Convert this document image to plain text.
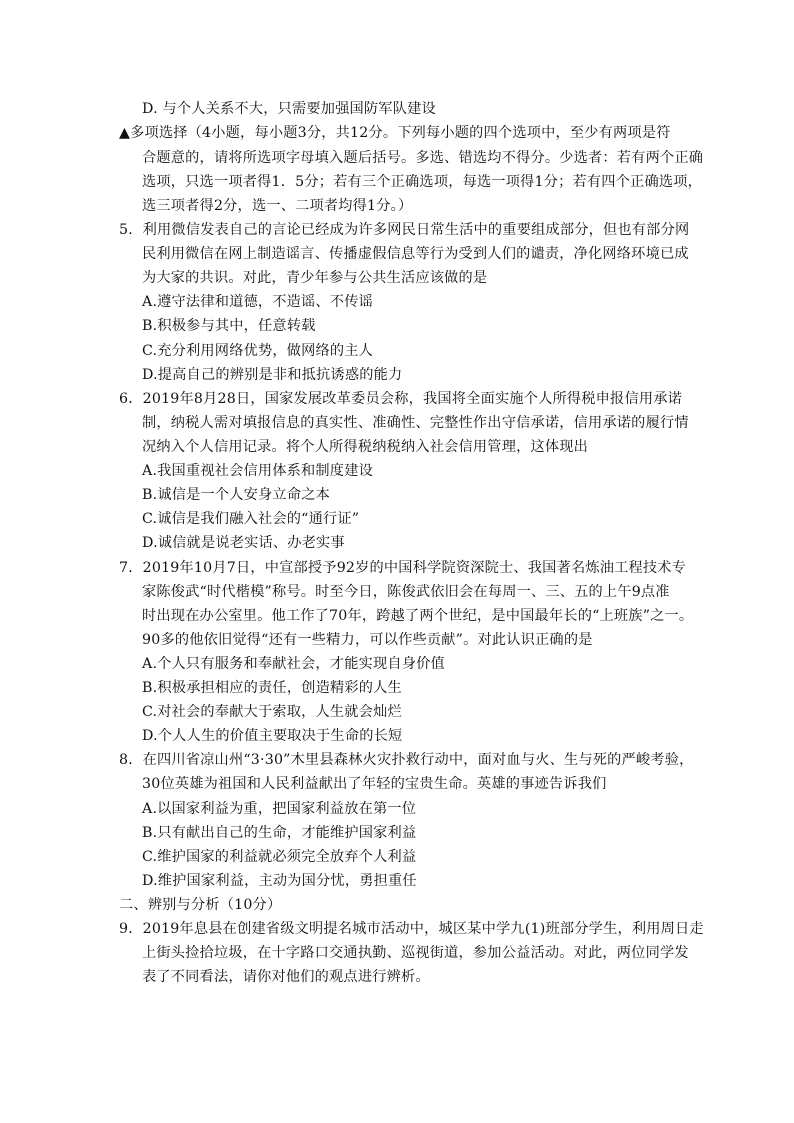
D. 与个人关系不大，只需要加强国防军队建设
▲多项选择（4小题，每小题3分，共12分。下列每小题的四个选项中，至少有两项是符
合题意的，请将所选项字母填入题后括号。多选、错选均不得分。少选者：若有两个正确
选项，只选一项者得1．5分；若有三个正确选项，每选一项得1分；若有四个正确选项，
选三项者得2分，选一、二项者均得1分。）
5．利用微信发表自己的言论已经成为许多网民日常生活中的重要组成部分，但也有部分网
民利用微信在网上制造谣言、传播虚假信息等行为受到人们的谴责，净化网络环境已成
为大家的共识。对此，青少年参与公共生活应该做的是
A.遵守法律和道德，不造谣、不传谣
B.积极参与其中，任意转载
C.充分利用网络优势，做网络的主人
D.提高自己的辨别是非和抵抗诱惑的能力
6．2019年8月28日，国家发展改革委员会称，我国将全面实施个人所得税申报信用承诺
制，纳税人需对填报信息的真实性、准确性、完整性作出守信承诺，信用承诺的履行情
况纳入个人信用记录。将个人所得税纳税纳入社会信用管理，这体现出
A.我国重视社会信用体系和制度建设
B.诚信是一个人安身立命之本
C.诚信是我们融入社会的“通行证”
D.诚信就是说老实话、办老实事
7．2019年10月7日，中宣部授予92岁的中国科学院资深院士、我国著名炼油工程技术专
家陈俊武“时代楷模”称号。时至今日，陈俊武依旧会在每周一、三、五的上午9点准
时出现在办公室里。他工作了70年，跨越了两个世纪，是中国最年长的“上班族”之一。
90多的他依旧觉得“还有一些精力，可以作些贡献”。对此认识正确的是
A.个人只有服务和奉献社会，才能实现自身价值
B.积极承担相应的责任，创造精彩的人生
C.对社会的奉献大于索取，人生就会灿烂
D.个人人生的价值主要取决于生命的长短
8．在四川省凉山州“3·30”木里县森林火灾扑救行动中，面对血与火、生与死的严峻考验，
30位英雄为祖国和人民利益献出了年轻的宝贵生命。英雄的事迹告诉我们
A.以国家利益为重，把国家利益放在第一位
B.只有献出自己的生命，才能维护国家利益
C.维护国家的利益就必须完全放弃个人利益
D.维护国家利益，主动为国分忧，勇担重任
二、辨别与分析（10分）
9．2019年息县在创建省级文明提名城市活动中，城区某中学九(1)班部分学生，利用周日走
上街头捡拾垃圾，在十字路口交通执勤、巡视街道，参加公益活动。对此，两位同学发
表了不同看法，请你对他们的观点进行辨析。
